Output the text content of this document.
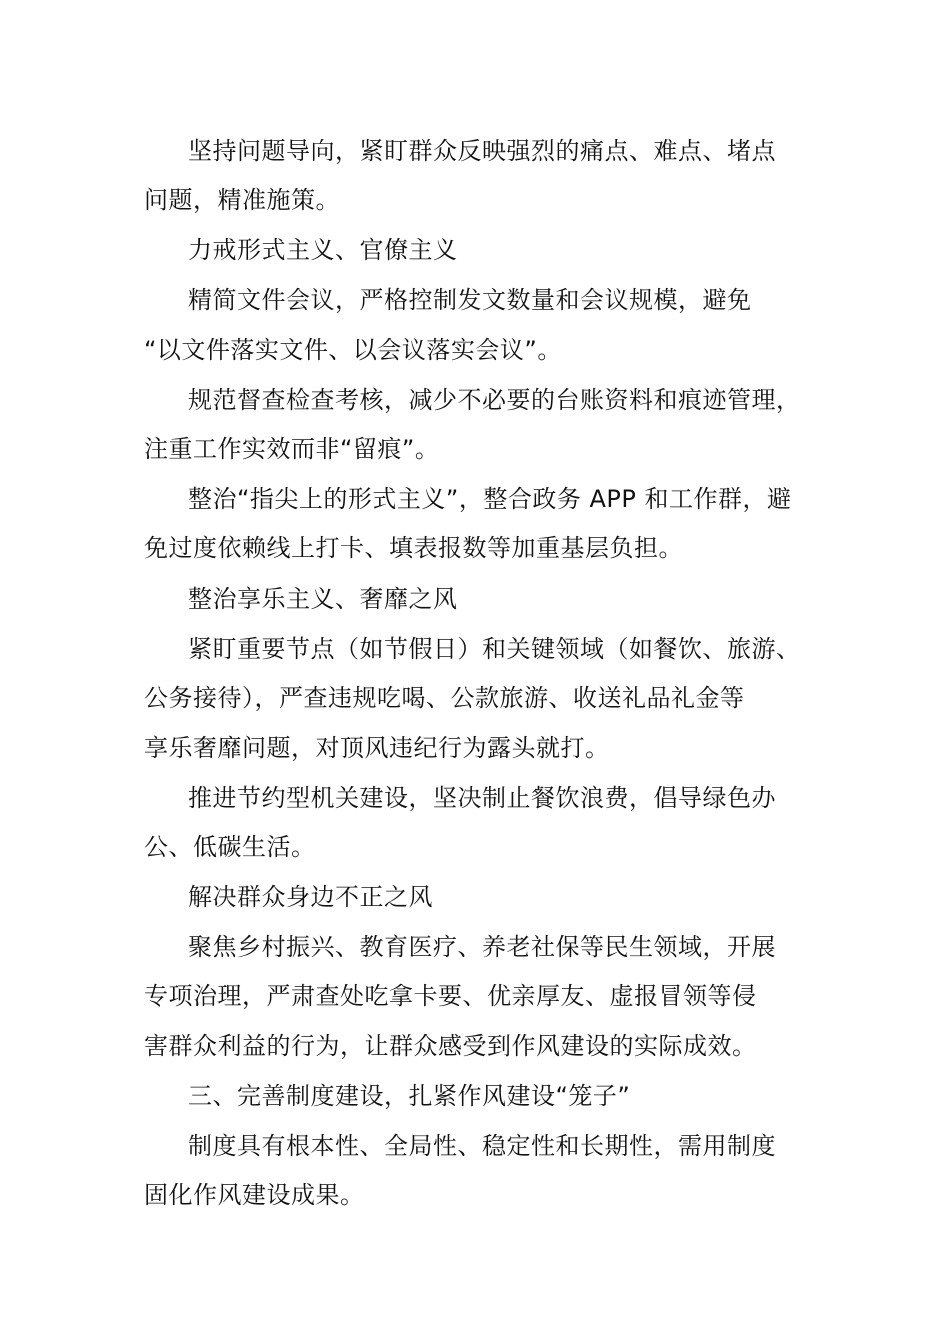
坚持问题导向，紧盯群众反映强烈的痛点、难点、堵点
问题，精准施策。
力戒形式主义、官僚主义
精简文件会议，严格控制发文数量和会议规模，避免
“以文件落实文件、以会议落实会议”。
规范督查检查考核，减少不必要的台账资料和痕迹管理，
注重工作实效而非“留痕”。
整治“指尖上的形式主义”，整合政务 APP 和工作群，避
免过度依赖线上打卡、填表报数等加重基层负担。
整治享乐主义、奢靡之风
紧盯重要节点（如节假日）和关键领域（如餐饮、旅游、
公务接待），严查违规吃喝、公款旅游、收送礼品礼金等
享乐奢靡问题，对顶风违纪行为露头就打。
推进节约型机关建设，坚决制止餐饮浪费，倡导绿色办
公、低碳生活。
解决群众身边不正之风
聚焦乡村振兴、教育医疗、养老社保等民生领域，开展
专项治理，严肃查处吃拿卡要、优亲厚友、虚报冒领等侵
害群众利益的行为，让群众感受到作风建设的实际成效。
三、完善制度建设，扎紧作风建设“笼子”
制度具有根本性、全局性、稳定性和长期性，需用制度
固化作风建设成果。
